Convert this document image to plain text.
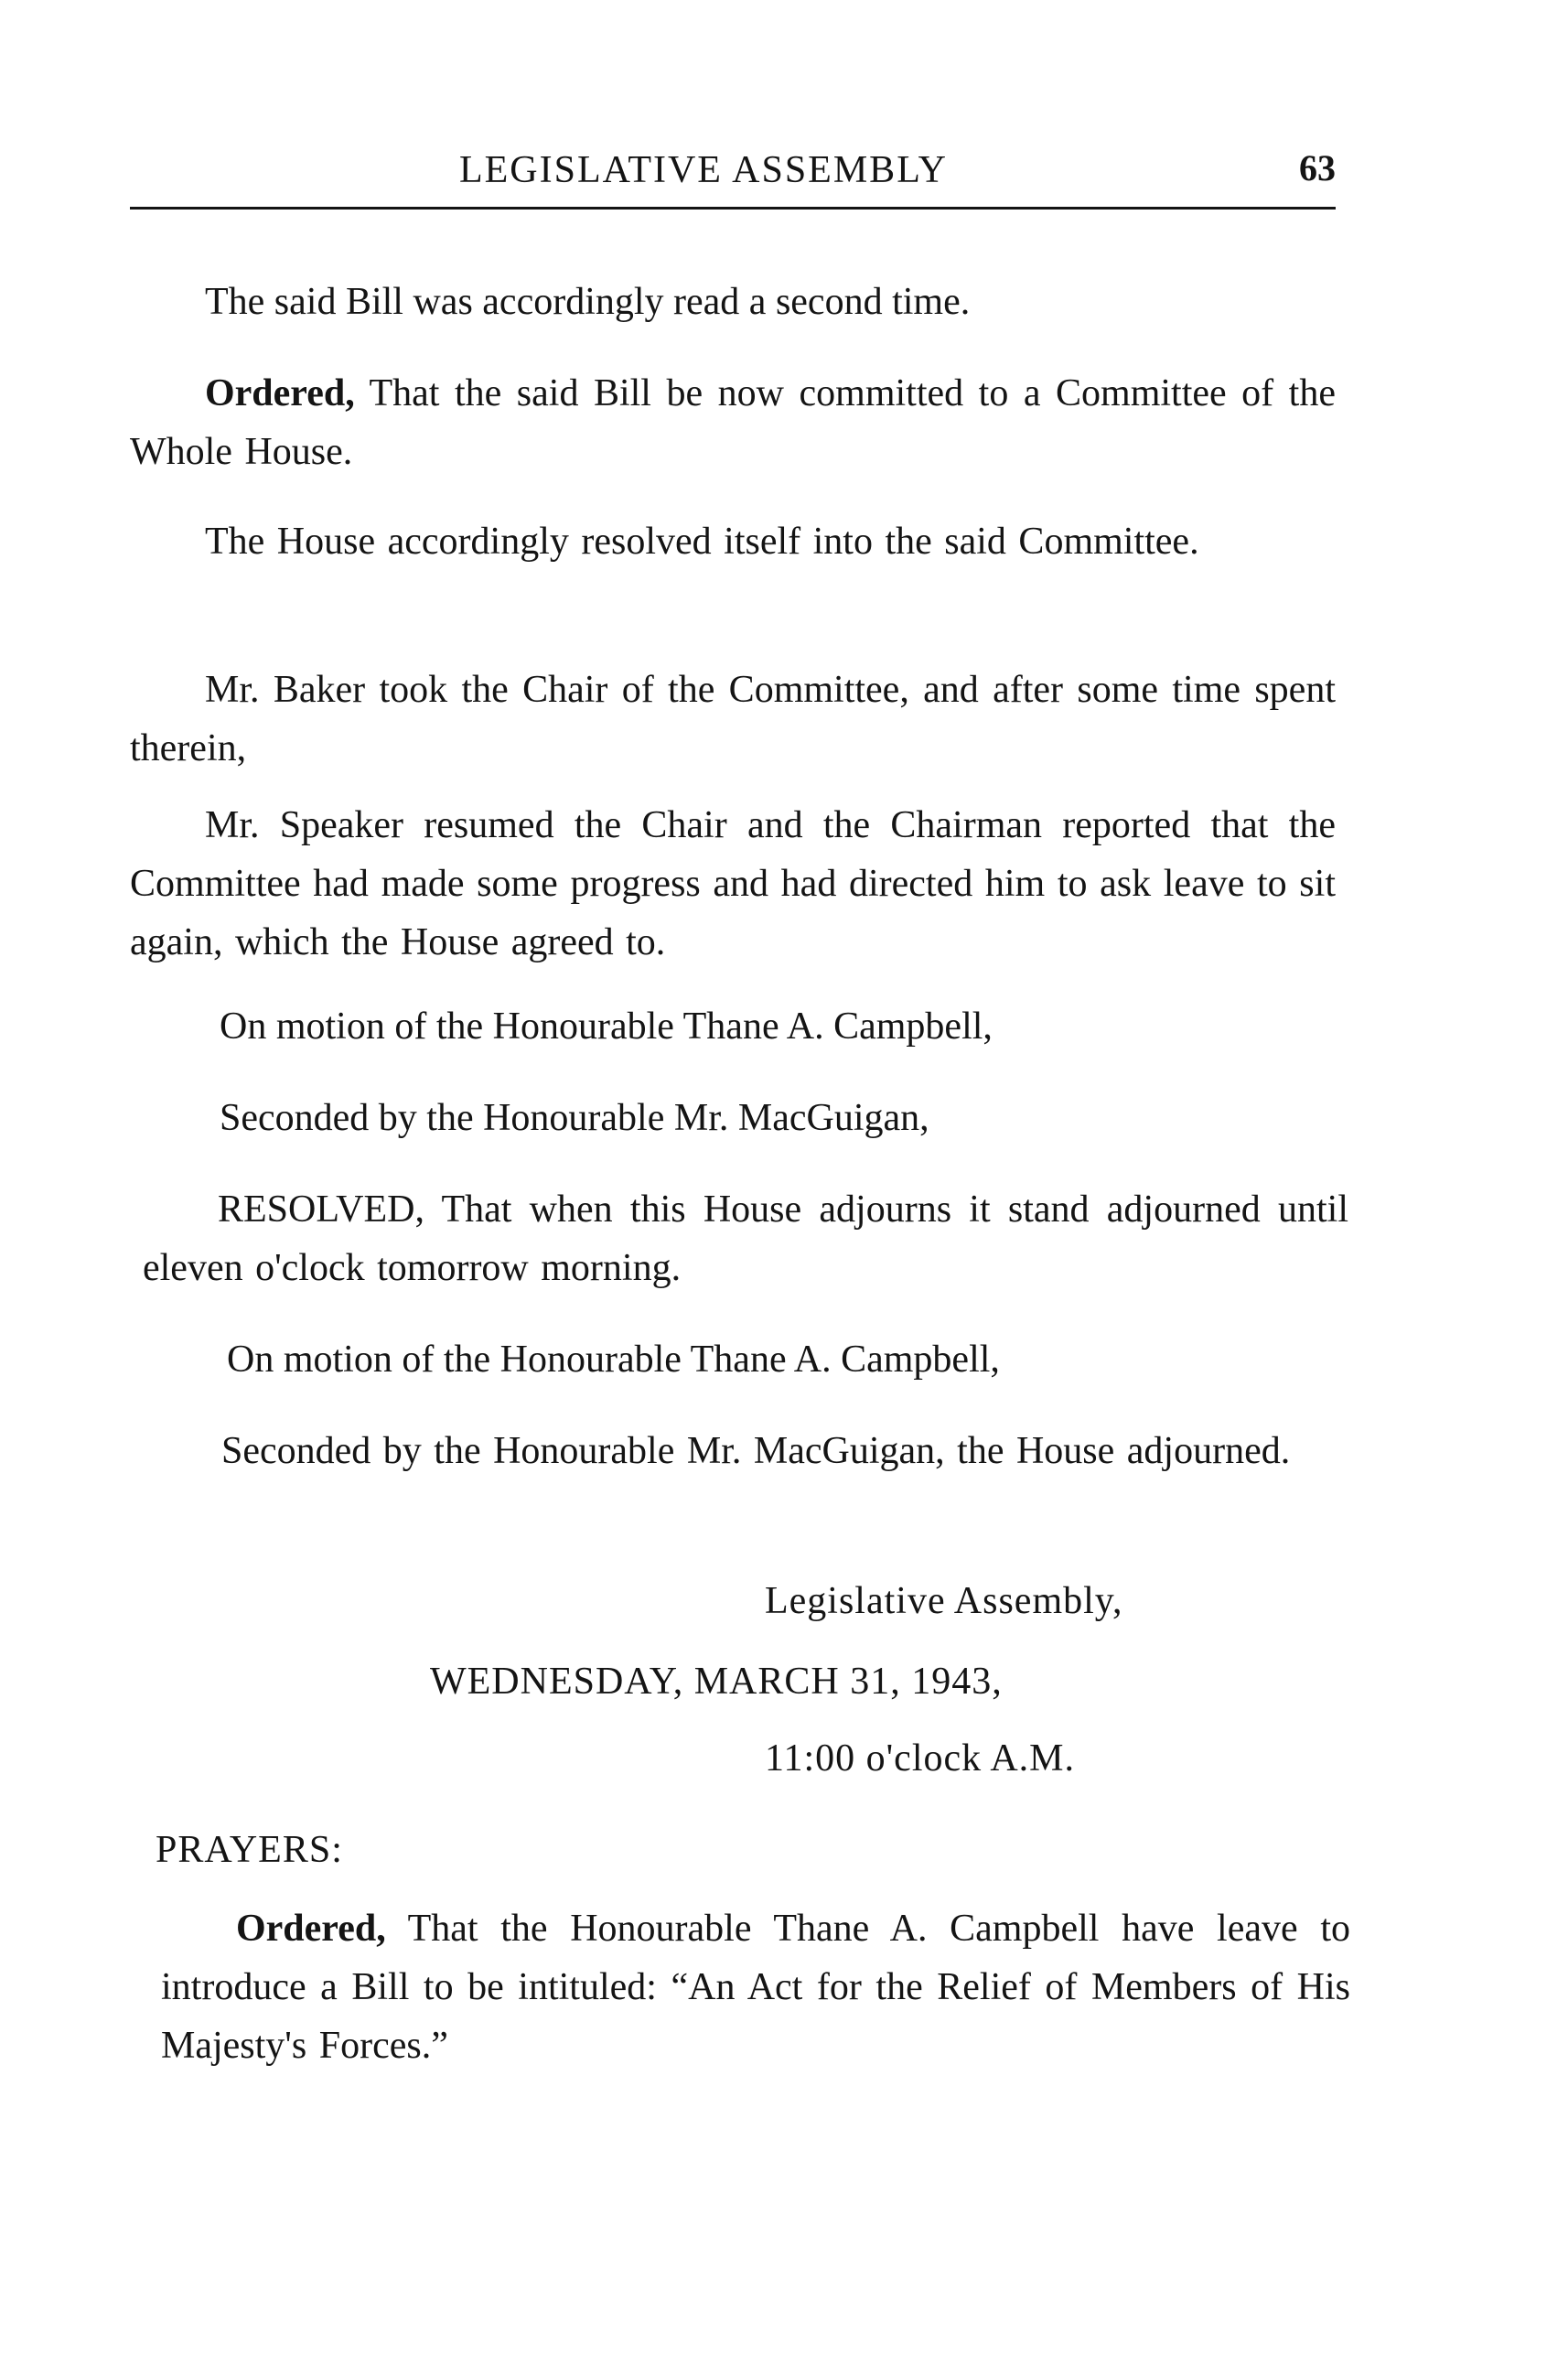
LEGISLATIVE ASSEMBLY	63
The said Bill was accordingly read a second time.
Ordered, That the said Bill be now committed to a Committee of the Whole House.
The House accordingly resolved itself into the said Committee.
Mr. Baker took the Chair of the Committee, and after some time spent therein,
Mr. Speaker resumed the Chair and the Chairman reported that the Committee had made some progress and had directed him to ask leave to sit again, which the House agreed to.
On motion of the Honourable Thane A. Campbell,
Seconded by the Honourable Mr. MacGuigan,
RESOLVED, That when this House adjourns it stand adjourned until eleven o'clock tomorrow morning.
On motion of the Honourable Thane A. Campbell,
Seconded by the Honourable Mr. MacGuigan, the House adjourned.
Legislative Assembly,
WEDNESDAY, MARCH 31, 1943,
11:00 o'clock A.M.
PRAYERS:
Ordered, That the Honourable Thane A. Campbell have leave to introduce a Bill to be intituled: “An Act for the Relief of Members of His Majesty's Forces.”
